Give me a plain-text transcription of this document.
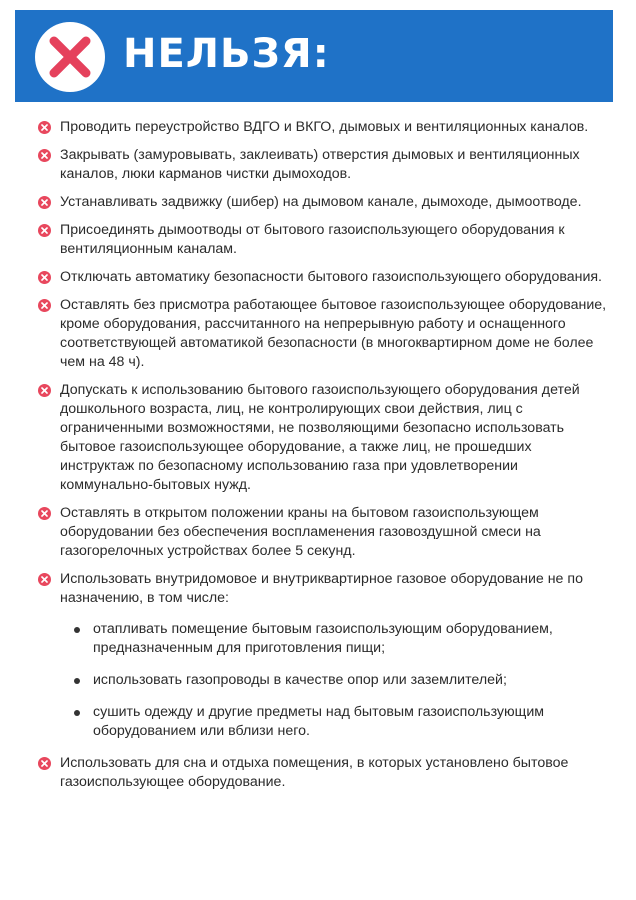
НЕЛЬЗЯ:
Проводить переустройство ВДГО и ВКГО, дымовых и вентиляционных каналов.
Закрывать (замуровывать, заклеивать) отверстия дымовых и вентиляционных каналов, люки карманов чистки дымоходов.
Устанавливать задвижку (шибер) на дымовом канале, дымоходе, дымоотводе.
Присоединять дымоотводы от бытового газоиспользующего оборудования к вентиляционным каналам.
Отключать автоматику безопасности бытового газоиспользующего оборудования.
Оставлять без присмотра работающее бытовое газоиспользующее оборудование, кроме оборудования, рассчитанного на непрерывную работу и оснащенного соответствующей автоматикой безопасности (в многоквартирном доме не более чем на 48 ч).
Допускать к использованию бытового газоиспользующего оборудования детей дошкольного возраста, лиц, не контролирующих свои действия, лиц с ограниченными возможностями, не позволяющими безопасно использовать бытовое газоиспользующее оборудование, а также лиц, не прошедших инструктаж по безопасному использованию газа при удовлетворении коммунально-бытовых нужд.
Оставлять в открытом положении краны на бытовом газоиспользующем оборудовании без обеспечения воспламенения газовоздушной смеси на газогорелочных устройствах более 5 секунд.
Использовать внутридомовое и внутриквартирное газовое оборудование не по назначению, в том числе:
отапливать помещение бытовым газоиспользующим оборудованием, предназначенным для приготовления пищи;
использовать газопроводы в качестве опор или заземлителей;
сушить одежду и другие предметы над бытовым газоиспользующим оборудованием или вблизи него.
Использовать для сна и отдыха помещения, в которых установлено бытовое газоиспользующее оборудование.
